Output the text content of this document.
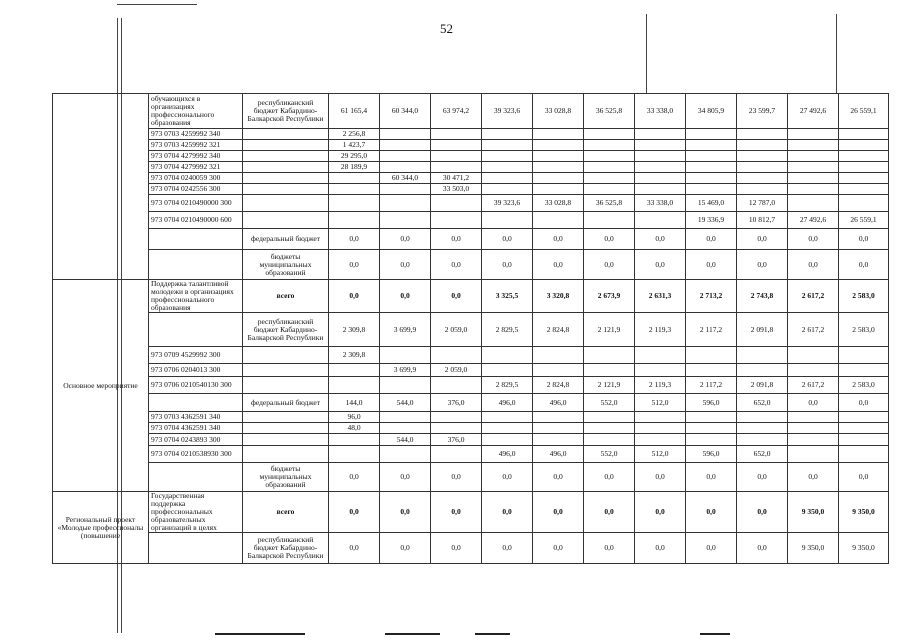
52
	обучающихся в организациях профессионального образования	республиканский бюджет Кабардино-Балкарской Республики	61 165,4	60 344,0	63 974,2	39 323,6	33 028,8	36 525,8	33 338,0	34 805,9	23 599,7	27 492,6	26 559,1
	973 0703 4259992 340		2 256,8										
	973 0703 4259992 321		1 423,7										
	973 0704 4279992 340		29 295,0										
	973 0704 4279992 321		28 189,9										
	973 0704 0240059 300			60 344,0	30 471,2								
	973 0704 0242556 300				33 503,0								
	973 0704 0210490000 300					39 323,6	33 028,8	36 525,8	33 338,0	15 469,0	12 787,0		
	973 0704 0210490000 600									19 336,9	10 812,7	27 492,6	26 559,1
		федеральный бюджет	0,0	0,0	0,0	0,0	0,0	0,0	0,0	0,0	0,0	0,0	0,0
		бюджеты муниципальных образований	0,0	0,0	0,0	0,0	0,0	0,0	0,0	0,0	0,0	0,0	0,0
Основное мероприятие	Поддержка талантливой молодежи в организациях профессионального образования	всего	0,0	0,0	0,0	3 325,5	3 320,8	2 673,9	2 631,3	2 713,2	2 743,8	2 617,2	2 583,0
		республиканский бюджет Кабардино-Балкарской Республики	2 309,8	3 699,9	2 059,0	2 829,5	2 824,8	2 121,9	2 119,3	2 117,2	2 091,8	2 617,2	2 583,0
	973 0709 4529992 300		2 309,8										
	973 0706 0204013 300			3 699,9	2 059,0								
	973 0706 0210540130 300					2 829,5	2 824,8	2 121,9	2 119,3	2 117,2	2 091,8	2 617,2	2 583,0
		федеральный бюджет	144,0	544,0	376,0	496,0	496,0	552,0	512,0	596,0	652,0	0,0	0,0
	973 0703 4362591 340		96,0										
	973 0704 4362591 340		48,0										
	973 0704 0243893 300			544,0	376,0								
	973 0704 0210538930 300					496,0	496,0	552,0	512,0	596,0	652,0		
		бюджеты муниципальных образований	0,0	0,0	0,0	0,0	0,0	0,0	0,0	0,0	0,0	0,0	0,0
Региональный проект «Молодые профессионалы (повышение	Государственная поддержка профессиональных образовательных организаций в целях	всего	0,0	0,0	0,0	0,0	0,0	0,0	0,0	0,0	0,0	9 350,0	9 350,0
		республиканский бюджет Кабардино-Балкарской Республики	0,0	0,0	0,0	0,0	0,0	0,0	0,0	0,0	0,0	9 350,0	9 350,0
